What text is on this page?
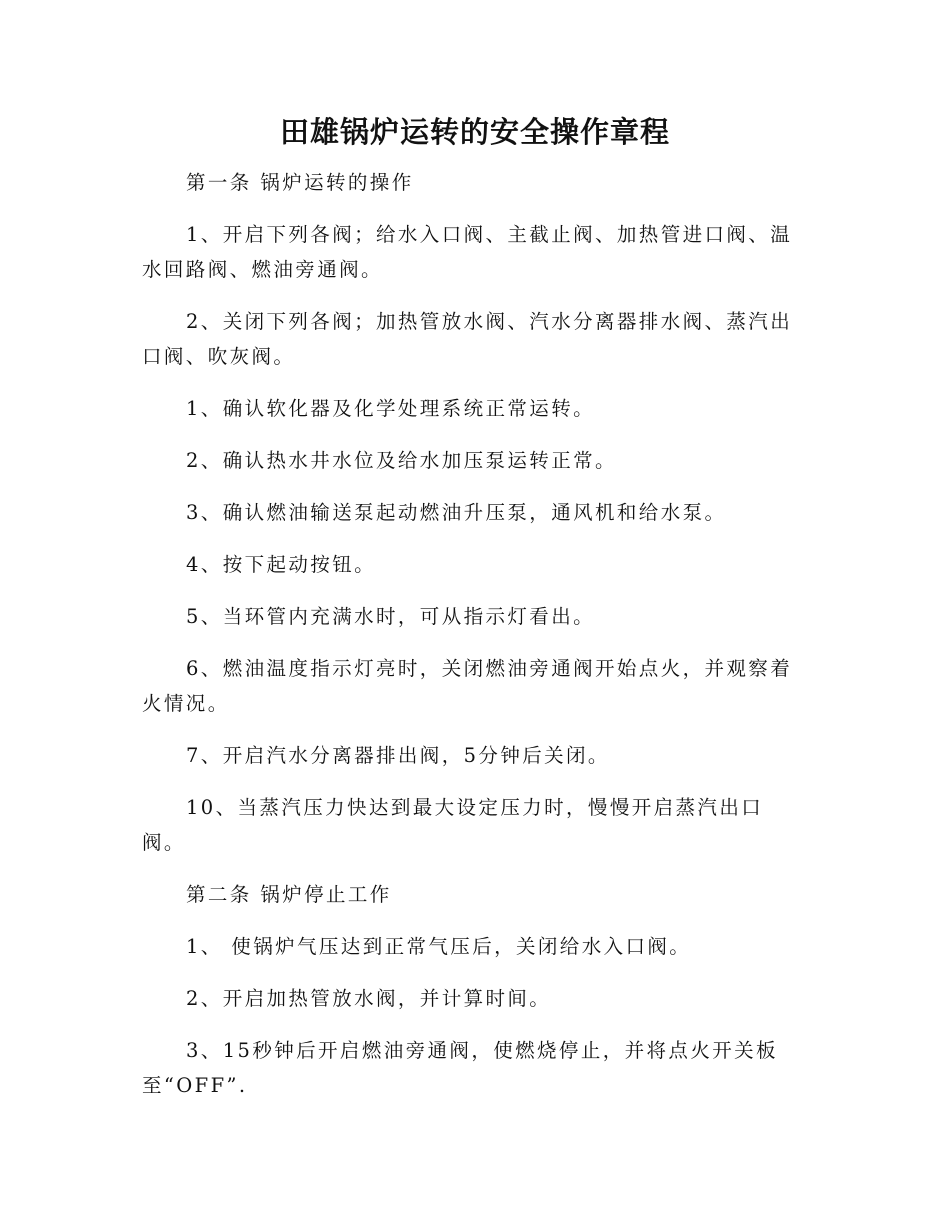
田雄锅炉运转的安全操作章程

第一条 锅炉运转的操作

1、开启下列各阀；给水入口阀、主截止阀、加热管进口阀、温水回路阀、燃油旁通阀。

2、关闭下列各阀；加热管放水阀、汽水分离器排水阀、蒸汽出口阀、吹灰阀。

1、确认软化器及化学处理系统正常运转。

2、确认热水井水位及给水加压泵运转正常。

3、确认燃油输送泵起动燃油升压泵，通风机和给水泵。

4、按下起动按钮。

5、当环管内充满水时，可从指示灯看出。

6、燃油温度指示灯亮时，关闭燃油旁通阀开始点火，并观察着火情况。

7、开启汽水分离器排出阀，5分钟后关闭。

10、当蒸汽压力快达到最大设定压力时，慢慢开启蒸汽出口阀。

第二条 锅炉停止工作

1、 使锅炉气压达到正常气压后，关闭给水入口阀。

2、开启加热管放水阀，并计算时间。

3、15秒钟后开启燃油旁通阀，使燃烧停止，并将点火开关板至“OFF”.
